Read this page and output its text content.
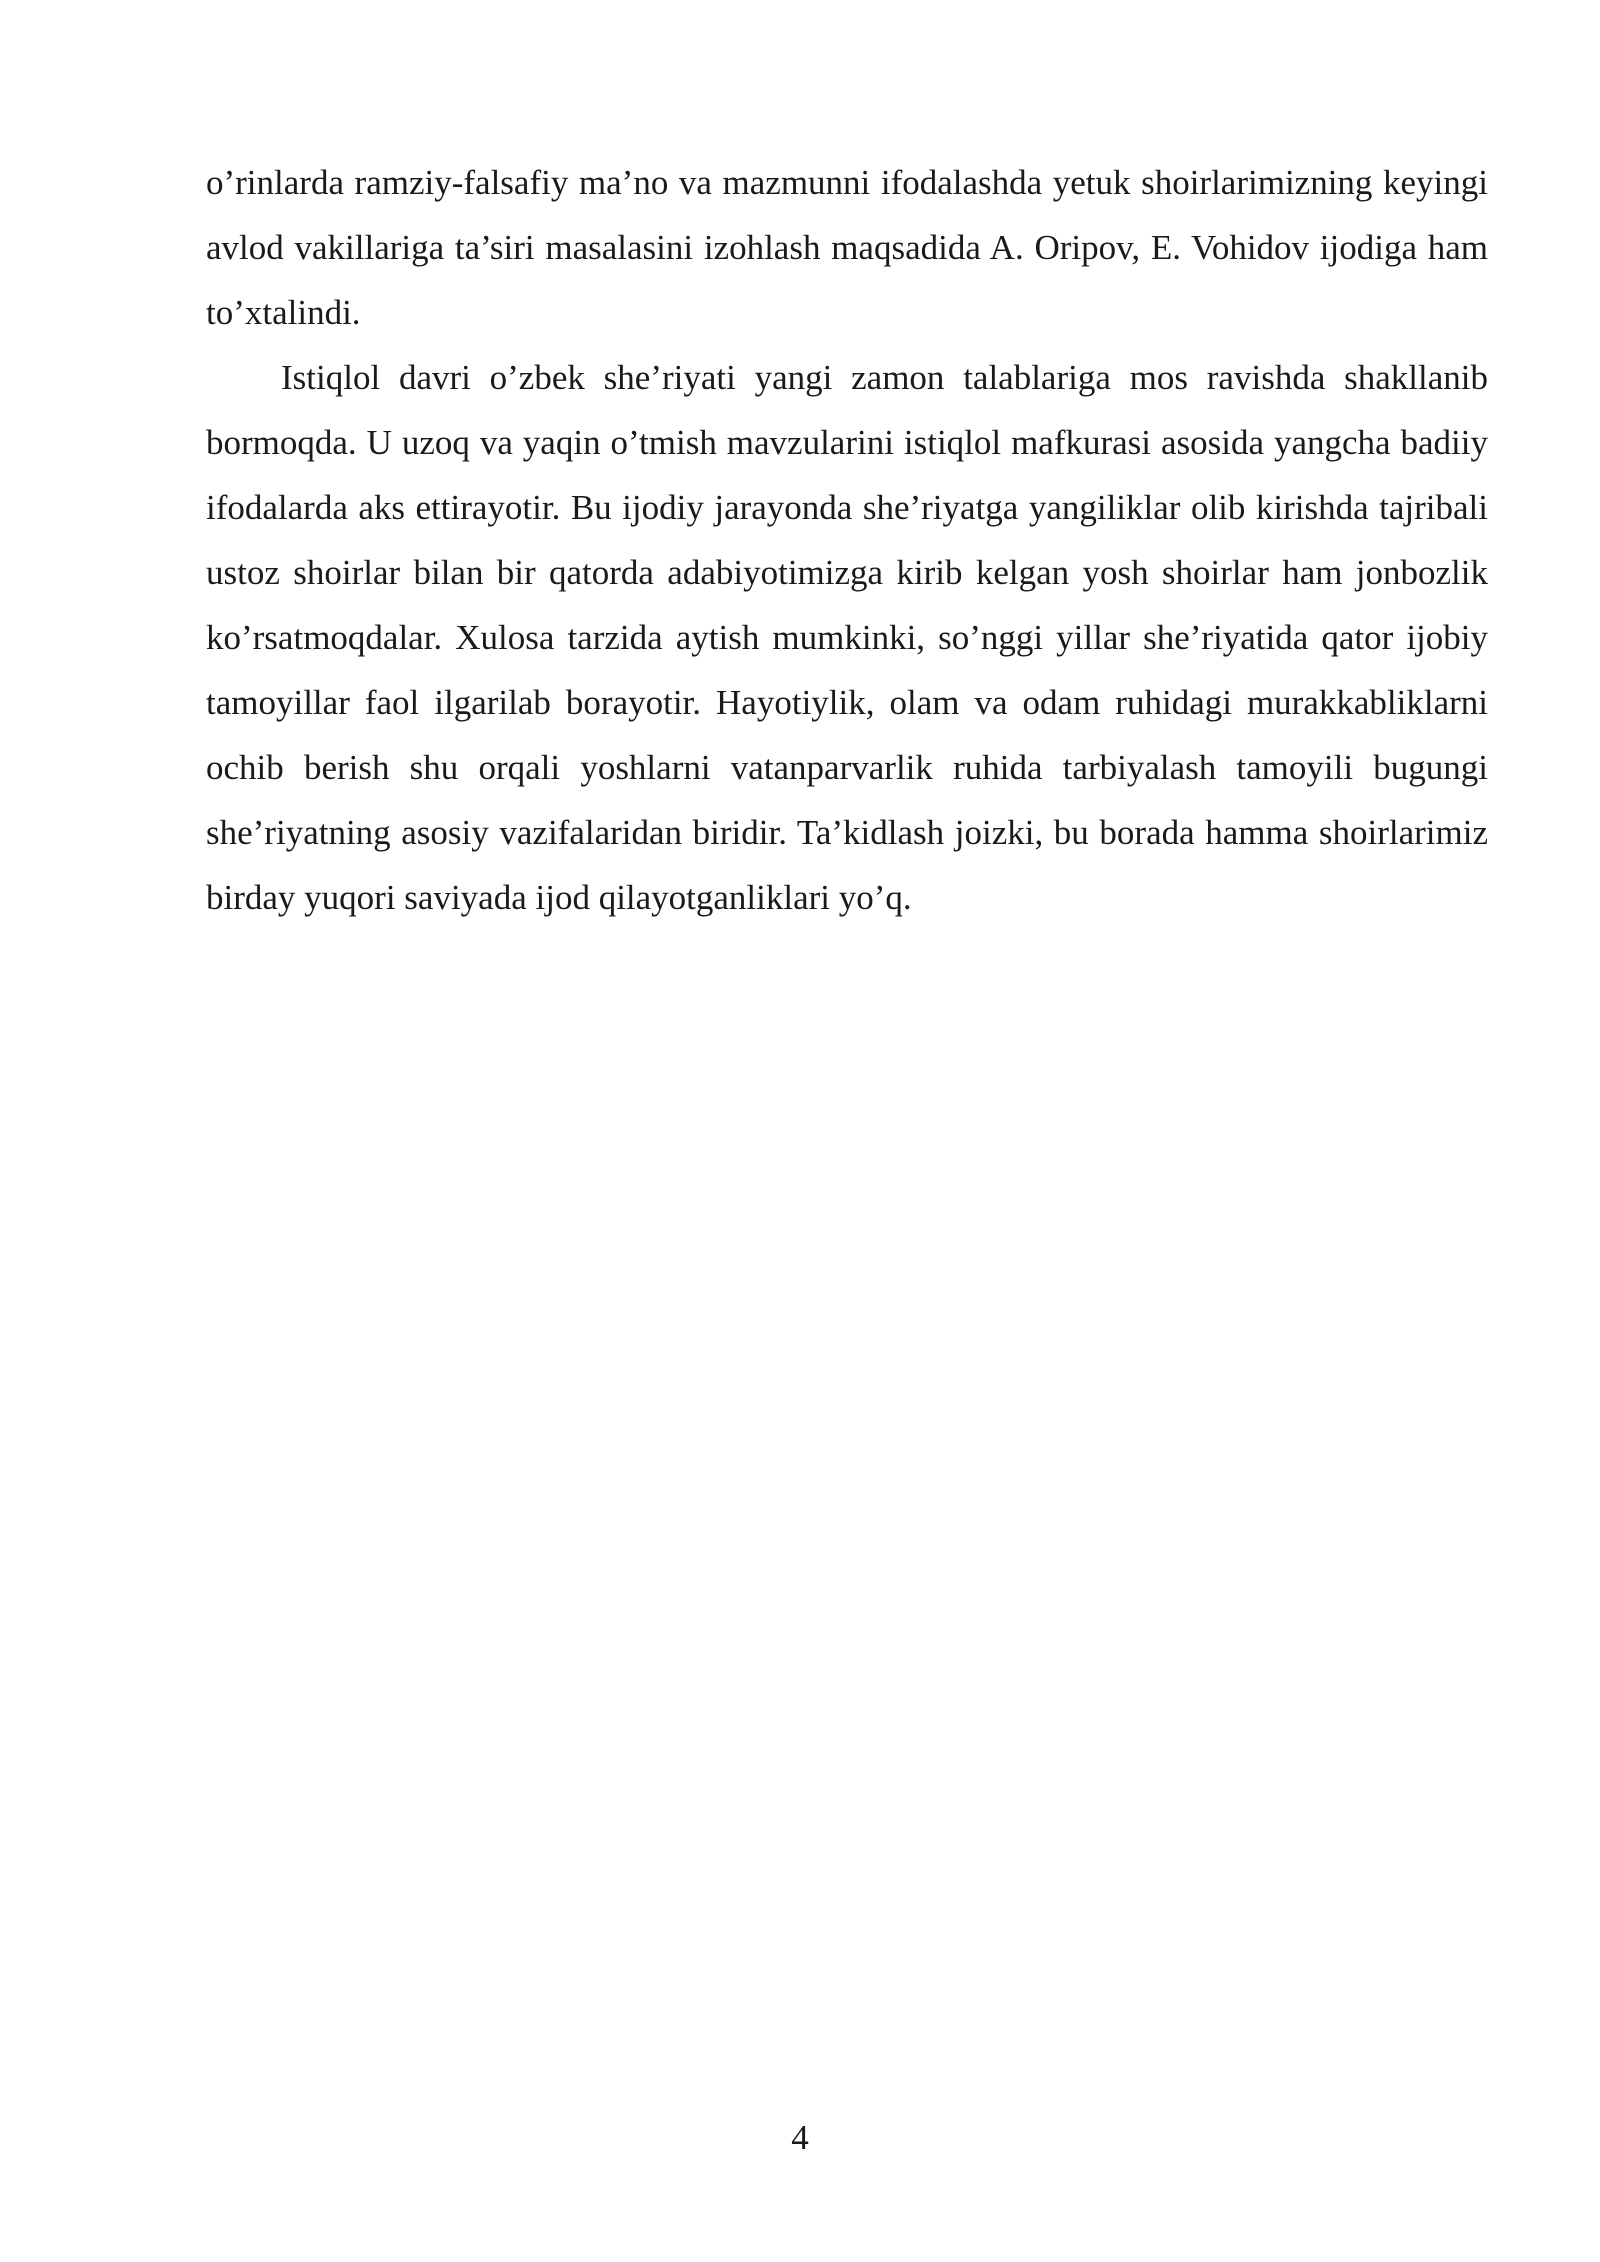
o’rinlarda ramziy-falsafiy ma’no va mazmunni ifodalashda yetuk shoirlarimizning keyingi avlod vakillariga ta’siri masalasini izohlash maqsadida A. Oripov, E. Vohidov ijodiga ham to’xtalindi.

Istiqlol davri o’zbek she’riyati yangi zamon talablariga mos ravishda shakllanib bormoqda. U uzoq va yaqin o’tmish mavzularini istiqlol mafkurasi asosida yangcha badiiy ifodalarda aks ettirayotir. Bu ijodiy jarayonda she’riyatga yangiliklar olib kirishda tajribali ustoz shoirlar bilan bir qatorda adabiyotimizga kirib kelgan yosh shoirlar ham jonbozlik ko’rsatmoqdalar. Xulosa tarzida aytish mumkinki, so’nggi yillar she’riyatida qator ijobiy tamoyillar faol ilgarilab borayotir. Hayotiylik, olam va odam ruhidagi murakkabliklarni ochib berish shu orqali yoshlarni vatanparvarlik ruhida tarbiyalash tamoyili bugungi she’riyatning asosiy vazifalaridan biridir. Ta’kidlash joizki, bu borada hamma shoirlarimiz birday yuqori saviyada ijod qilayotganliklari yo’q.

4
